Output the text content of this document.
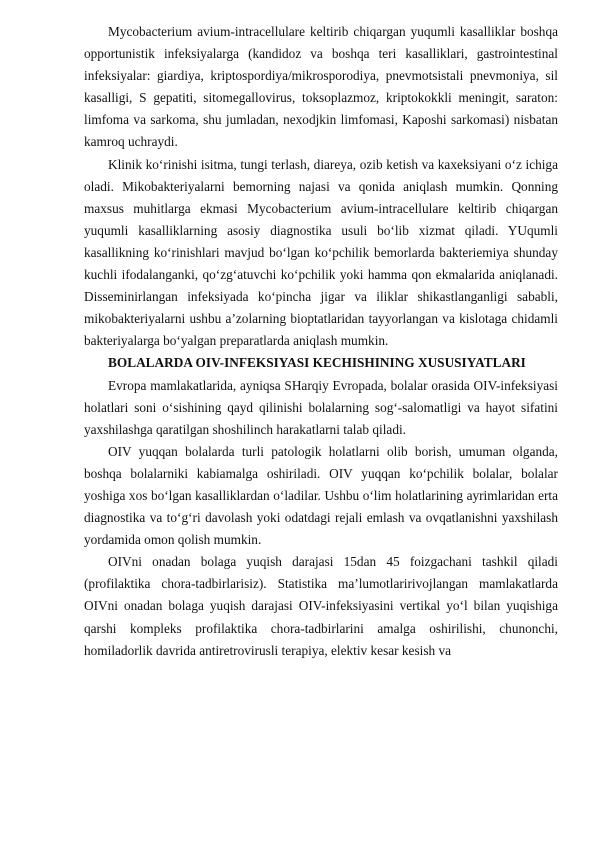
Mycobacterium avium-intracellulare keltirib chiqargan yuqumli kasalliklar boshqa opportunistik infeksiyalarga (kandidoz va boshqa teri kasalliklari, gastrointestinal infeksiyalar: giardiya, kriptospordiya/mikrosporodiya, pnevmotsistali pnevmoniya, sil kasalligi, S gepatiti, sitomegallovirus, toksoplazmoz, kriptokokkli meningit, saraton: limfoma va sarkoma, shu jumladan, nexodjkin limfomasi, Kaposhi sarkomasi) nisbatan kamroq uchraydi.

Klinik ko‘rinishi isitma, tungi terlash, diareya, ozib ketish va kaxeksiyani o‘z ichiga oladi. Mikobakteriyalarni bemorning najasi va qonida aniqlash mumkin. Qonning maxsus muhitlarga ekmasi Mycobacterium avium-intracellulare keltirib chiqargan yuqumli kasalliklarning asosiy diagnostika usuli bo‘lib xizmat qiladi. YUqumli kasallikning ko‘rinishlari mavjud bo‘lgan ko‘pchilik bemorlarda bakteriemiya shunday kuchli ifodalanganki, qo‘zg‘atuvchi ko‘pchilik yoki hamma qon ekmalarida aniqlanadi. Disseminirlangan infeksiyada ko‘pincha jigar va iliklar shikastlanganligi sababli, mikobakteriyalarni ushbu a’zolarning bioptatlaridan tayyorlangan va kislotaga chidamli bakteriyalarga bo‘yalgan preparatlarda aniqlash mumkin.

BOLALARDA OIV-INFEKSIYASI KECHISHINING XUSUSIYATLARI

Evropa mamlakatlarida, ayniqsa SHarqiy Evropada, bolalar orasida OIV-infeksiyasi holatlari soni o‘sishining qayd qilinishi bolalarning sog‘-salomatligi va hayot sifatini yaxshilashga qaratilgan shoshilinch harakatlarni talab qiladi.

OIV yuqqan bolalarda turli patologik holatlarni olib borish, umuman olganda, boshqa bolalarniki kabiamalga oshiriladi. OIV yuqqan ko‘pchilik bolalar, bolalar yoshiga xos bo‘lgan kasalliklardan o‘ladilar. Ushbu o‘lim holatlarining ayrimlaridan erta diagnostika va to‘g‘ri davolash yoki odatdagi rejali emlash va ovqatlanishni yaxshilash yordamida omon qolish mumkin.

OIVni onadan bolaga yuqish darajasi 15dan 45 foizgachani tashkil qiladi (profilaktika chora-tadbirlarisiz). Statistika ma’lumotlaririvojlangan mamlakatlarda OIVni onadan bolaga yuqish darajasi OIV-infeksiyasini vertikal yo‘l bilan yuqishiga qarshi kompleks profilaktika chora-tadbirlarini amalga oshirilishi, chunonchi, homiladorlik davrida antiretrovirusli terapiya, elektiv kesar kesish va
